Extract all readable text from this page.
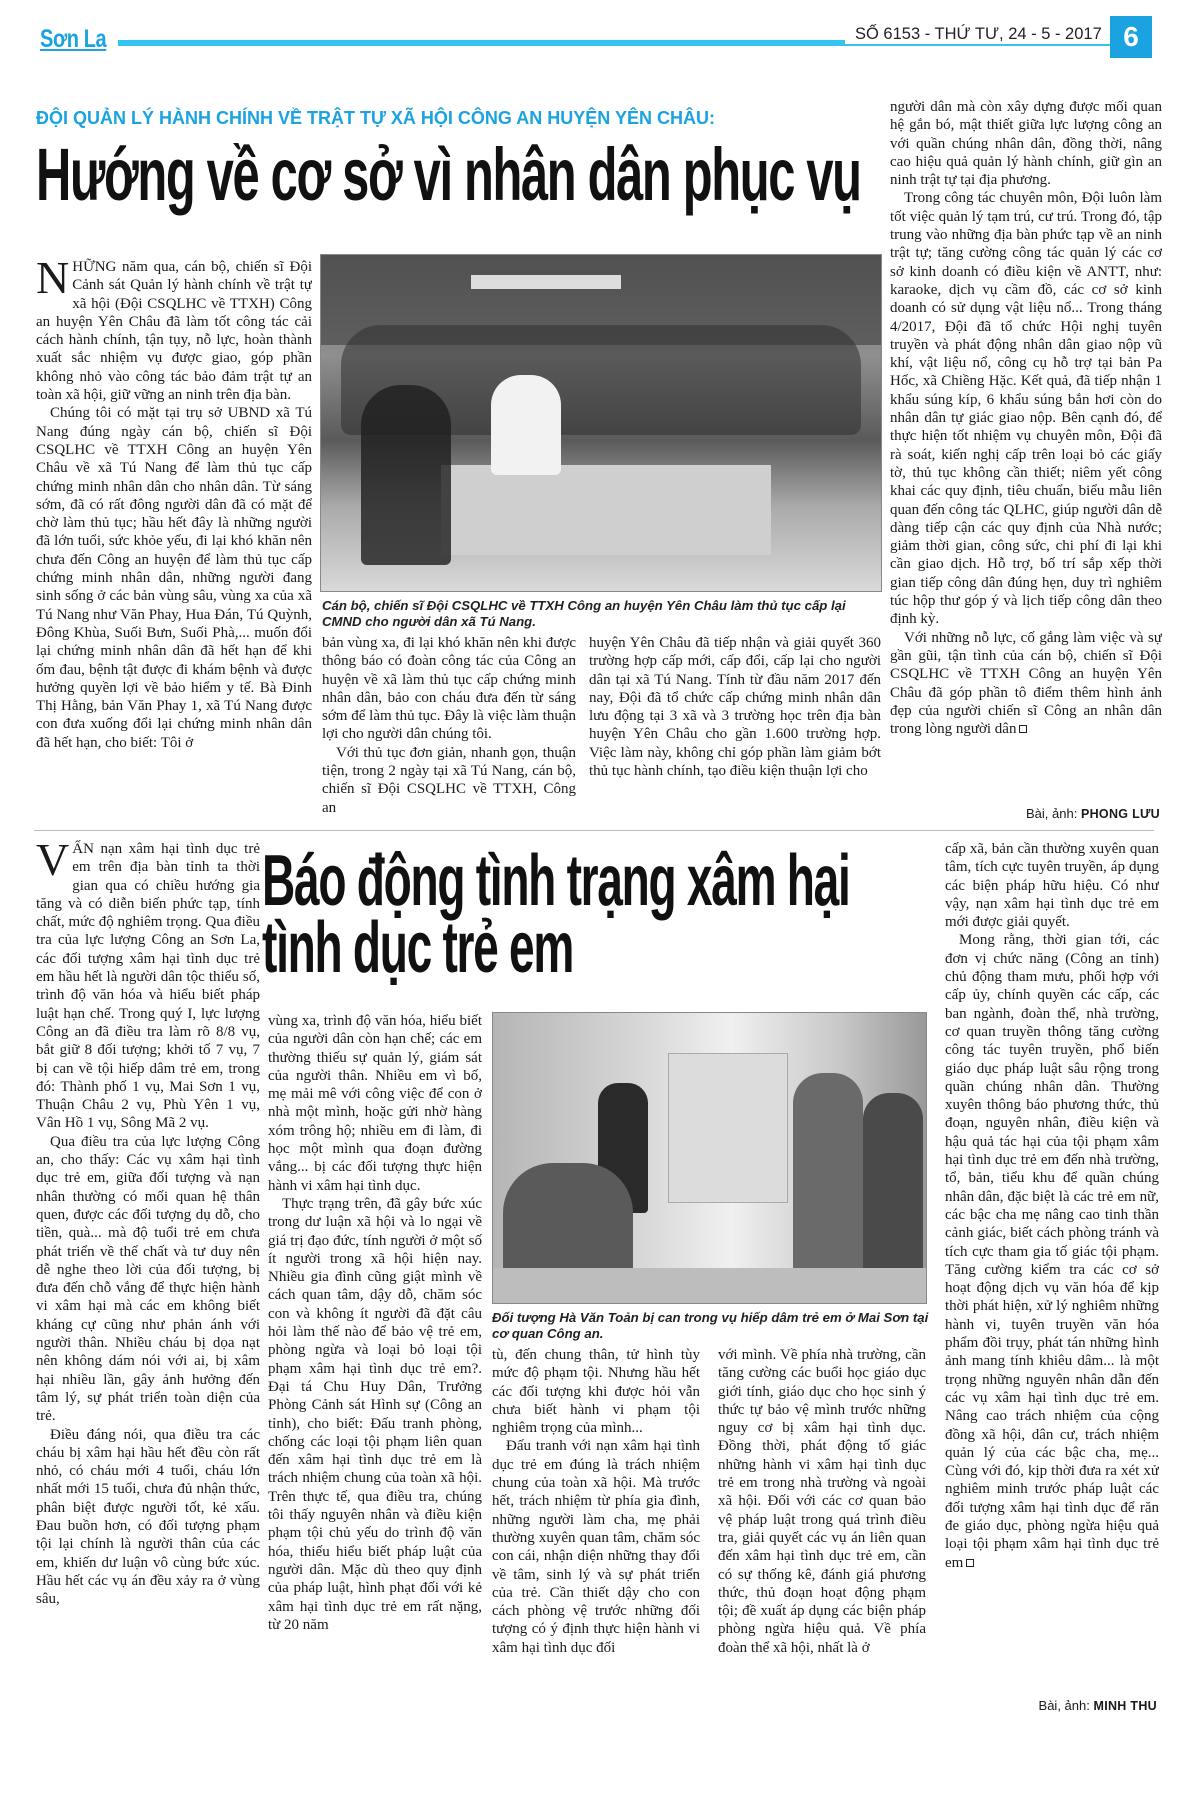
Sơn La	SỐ 6153 - THỨ TƯ, 24 - 5 - 2017 6
ĐỘI QUẢN LÝ HÀNH CHÍNH VỀ TRẬT TỰ XÃ HỘI CÔNG AN HUYỆN YÊN CHÂU:
Hướng về cơ sở vì nhân dân phục vụ

NHỮNG năm qua, cán bộ, chiến sĩ Đội Cảnh sát Quản lý hành chính về trật tự xã hội (Đội CSQLHC về TTXH) Công an huyện Yên Châu đã làm tốt công tác cải cách hành chính, tận tụy, nỗ lực, hoàn thành xuất sắc nhiệm vụ được giao, góp phần không nhỏ vào công tác bảo đảm trật tự an toàn xã hội, giữ vững an ninh trên địa bàn.

Chúng tôi có mặt tại trụ sở UBND xã Tú Nang đúng ngày cán bộ, chiến sĩ Đội CSQLHC về TTXH Công an huyện Yên Châu về xã Tú Nang để làm thủ tục cấp chứng minh nhân dân cho nhân dân. Từ sáng sớm, đã có rất đông người dân đã có mặt để chờ làm thủ tục; hầu hết đây là những người đã lớn tuổi, sức khỏe yếu, đi lại khó khăn nên chưa đến Công an huyện để làm thủ tục cấp chứng minh nhân dân, những người đang sinh sống ở các bản vùng sâu, vùng xa của xã Tú Nang như Văn Phay, Hua Đán, Tú Quỳnh, Đông Khùa, Suối Bưn, Suối Phà,... muốn đổi lại chứng minh nhân dân đã hết hạn để khi ốm đau, bệnh tật được đi khám bệnh và được hưởng quyền lợi về bảo hiểm y tế. Bà Đinh Thị Hằng, bản Văn Phay 1, xã Tú Nang được con đưa xuống đổi lại chứng minh nhân dân đã hết hạn, cho biết: Tôi ở

Cán bộ, chiến sĩ Đội CSQLHC về TTXH Công an huyện Yên Châu làm thủ tục cấp lại CMND cho người dân xã Tú Nang.

bản vùng xa, đi lại khó khăn nên khi được thông báo có đoàn công tác của Công an huyện về xã làm thủ tục cấp chứng minh nhân dân, bảo con cháu đưa đến từ sáng sớm để làm thủ tục. Đây là việc làm thuận lợi cho người dân chúng tôi.

Với thủ tục đơn giản, nhanh gọn, thuận tiện, trong 2 ngày tại xã Tú Nang, cán bộ, chiến sĩ Đội CSQLHC về TTXH, Công an

huyện Yên Châu đã tiếp nhận và giải quyết 360 trường hợp cấp mới, cấp đổi, cấp lại cho người dân tại xã Tú Nang. Tính từ đầu năm 2017 đến nay, Đội đã tổ chức cấp chứng minh nhân dân lưu động tại 3 xã và 3 trường học trên địa bàn huyện Yên Châu cho gần 1.600 trường hợp. Việc làm này, không chỉ góp phần làm giảm bớt thủ tục hành chính, tạo điều kiện thuận lợi cho

người dân mà còn xây dựng được mối quan hệ gắn bó, mật thiết giữa lực lượng công an với quần chúng nhân dân, đồng thời, nâng cao hiệu quả quản lý hành chính, giữ gìn an ninh trật tự tại địa phương.

Trong công tác chuyên môn, Đội luôn làm tốt việc quản lý tạm trú, cư trú. Trong đó, tập trung vào những địa bàn phức tạp về an ninh trật tự; tăng cường công tác quản lý các cơ sở kinh doanh có điều kiện về ANTT, như: karaoke, dịch vụ cầm đồ, các cơ sở kinh doanh có sử dụng vật liệu nổ... Trong tháng 4/2017, Đội đã tổ chức Hội nghị tuyên truyền và phát động nhân dân giao nộp vũ khí, vật liệu nổ, công cụ hỗ trợ tại bản Pa Hốc, xã Chiềng Hặc. Kết quả, đã tiếp nhận 1 khẩu súng kíp, 6 khẩu súng bắn hơi còn do nhân dân tự giác giao nộp. Bên cạnh đó, để thực hiện tốt nhiệm vụ chuyên môn, Đội đã rà soát, kiến nghị cấp trên loại bỏ các giấy tờ, thủ tục không cần thiết; niêm yết công khai các quy định, tiêu chuẩn, biểu mẫu liên quan đến công tác QLHC, giúp người dân dễ dàng tiếp cận các quy định của Nhà nước; giảm thời gian, công sức, chi phí đi lại khi cần giao dịch. Hỗ trợ, bố trí sắp xếp thời gian tiếp công dân đúng hẹn, duy trì nghiêm túc hộp thư góp ý và lịch tiếp công dân theo định kỳ.

Với những nỗ lực, cố gắng làm việc và sự gần gũi, tận tình của cán bộ, chiến sĩ Đội CSQLHC về TTXH Công an huyện Yên Châu đã góp phần tô điểm thêm hình ảnh đẹp của người chiến sĩ Công an nhân dân trong lòng người dân

Bài, ảnh: PHONG LƯU

VẤN nạn xâm hại tình dục trẻ em trên địa bàn tỉnh ta thời gian qua có chiều hướng gia tăng và có diễn biến phức tạp, tính chất, mức độ nghiêm trọng. Qua điều tra của lực lượng Công an Sơn La, các đối tượng xâm hại tình dục trẻ em hầu hết là người dân tộc thiểu số, trình độ văn hóa và hiểu biết pháp luật hạn chế. Trong quý I, lực lượng Công an đã điều tra làm rõ 8/8 vụ, bắt giữ 8 đối tượng; khởi tố 7 vụ, 7 bị can về tội hiếp dâm trẻ em, trong đó: Thành phố 1 vụ, Mai Sơn 1 vụ, Thuận Châu 2 vụ, Phù Yên 1 vụ, Vân Hồ 1 vụ, Sông Mã 2 vụ.

Qua điều tra của lực lượng Công an, cho thấy: Các vụ xâm hại tình dục trẻ em, giữa đối tượng và nạn nhân thường có mối quan hệ thân quen, được các đối tượng dụ dỗ, cho tiền, quà... mà độ tuổi trẻ em chưa phát triển về thể chất và tư duy nên dễ nghe theo lời của đối tượng, bị đưa đến chỗ vắng để thực hiện hành vi xâm hại mà các em không biết kháng cự cũng như phản ánh với người thân. Nhiều cháu bị dọa nạt nên không dám nói với ai, bị xâm hại nhiều lần, gây ảnh hưởng đến tâm lý, sự phát triển toàn diện của trẻ.

Điều đáng nói, qua điều tra các cháu bị xâm hại hầu hết đều còn rất nhỏ, có cháu mới 4 tuổi, cháu lớn nhất mới 15 tuổi, chưa đủ nhận thức, phân biệt được người tốt, kẻ xấu. Đau buồn hơn, có đối tượng phạm tội lại chính là người thân của các em, khiến dư luận vô cùng bức xúc. Hầu hết các vụ án đều xảy ra ở vùng sâu,

Báo động tình trạng xâm hại
tình dục trẻ em

vùng xa, trình độ văn hóa, hiểu biết của người dân còn hạn chế; các em thường thiếu sự quản lý, giám sát của người thân. Nhiều em vì bố, mẹ mải mê với công việc để con ở nhà một mình, hoặc gửi nhờ hàng xóm trông hộ; nhiều em đi làm, đi học một mình qua đoạn đường vắng... bị các đối tượng thực hiện hành vi xâm hại tình dục.

Thực trạng trên, đã gây bức xúc trong dư luận xã hội và lo ngại về giá trị đạo đức, tính người ở một số ít người trong xã hội hiện nay. Nhiều gia đình cũng giật mình về cách quan tâm, dậy dỗ, chăm sóc con và không ít người đã đặt câu hỏi làm thế nào để bảo vệ trẻ em, phòng ngừa và loại bỏ loại tội phạm xâm hại tình dục trẻ em?. Đại tá Chu Huy Dân, Trưởng Phòng Cảnh sát Hình sự (Công an tỉnh), cho biết: Đấu tranh phòng, chống các loại tội phạm liên quan đến xâm hại tình dục trẻ em là trách nhiệm chung của toàn xã hội. Trên thực tế, qua điều tra, chúng tôi thấy nguyên nhân và điều kiện phạm tội chủ yếu do trình độ văn hóa, thiếu hiểu biết pháp luật của người dân. Mặc dù theo quy định của pháp luật, hình phạt đối với kẻ xâm hại tình dục trẻ em rất nặng, từ 20 năm

Đối tượng Hà Văn Toản bị can trong vụ hiếp dâm trẻ em ở Mai Sơn tại cơ quan Công an.

tù, đến chung thân, tử hình tùy mức độ phạm tội. Nhưng hầu hết các đối tượng khi được hỏi vẫn chưa biết hành vi phạm tội nghiêm trọng của mình...

Đấu tranh với nạn xâm hại tình dục trẻ em đúng là trách nhiệm chung của toàn xã hội. Mà trước hết, trách nhiệm từ phía gia đình, những người làm cha, mẹ phải thường xuyên quan tâm, chăm sóc con cái, nhận diện những thay đổi về tâm, sinh lý và sự phát triển của trẻ. Cần thiết dậy cho con cách phòng vệ trước những đối tượng có ý định thực hiện hành vi xâm hại tình dục đối

với mình. Về phía nhà trường, cần tăng cường các buổi học giáo dục giới tính, giáo dục cho học sinh ý thức tự bảo vệ mình trước những nguy cơ bị xâm hại tình dục. Đồng thời, phát động tố giác những hành vi xâm hại tình dục trẻ em trong nhà trường và ngoài xã hội. Đối với các cơ quan bảo vệ pháp luật trong quá trình điều tra, giải quyết các vụ án liên quan đến xâm hại tình dục trẻ em, cần có sự thống kê, đánh giá phương thức, thủ đoạn hoạt động phạm tội; đề xuất áp dụng các biện pháp phòng ngừa hiệu quả. Về phía đoàn thể xã hội, nhất là ở

cấp xã, bản cần thường xuyên quan tâm, tích cực tuyên truyền, áp dụng các biện pháp hữu hiệu. Có như vậy, nạn xâm hại tình dục trẻ em mới được giải quyết.

Mong rằng, thời gian tới, các đơn vị chức năng (Công an tỉnh) chủ động tham mưu, phối hợp với cấp ủy, chính quyền các cấp, các ban ngành, đoàn thể, nhà trường, cơ quan truyền thông tăng cường công tác tuyên truyền, phổ biến giáo dục pháp luật sâu rộng trong quần chúng nhân dân. Thường xuyên thông báo phương thức, thủ đoạn, nguyên nhân, điều kiện và hậu quả tác hại của tội phạm xâm hại tình dục trẻ em đến nhà trường, tổ, bản, tiểu khu để quần chúng nhân dân, đặc biệt là các trẻ em nữ, các bậc cha mẹ nâng cao tinh thần cảnh giác, biết cách phòng tránh và tích cực tham gia tố giác tội phạm. Tăng cường kiểm tra các cơ sở hoạt động dịch vụ văn hóa để kịp thời phát hiện, xử lý nghiêm những hành vi, tuyên truyền văn hóa phẩm đồi trụy, phát tán những hình ảnh mang tính khiêu dâm... là một trọng những nguyên nhân dẫn đến các vụ xâm hại tình dục trẻ em. Nâng cao trách nhiệm của cộng đồng xã hội, dân cư, trách nhiệm quản lý của các bậc cha, mẹ... Cùng với đó, kịp thời đưa ra xét xử nghiêm minh trước pháp luật các đối tượng xâm hại tình dục để răn đe giáo dục, phòng ngừa hiệu quả loại tội phạm xâm hại tình dục trẻ em

Bài, ảnh: MINH THU
